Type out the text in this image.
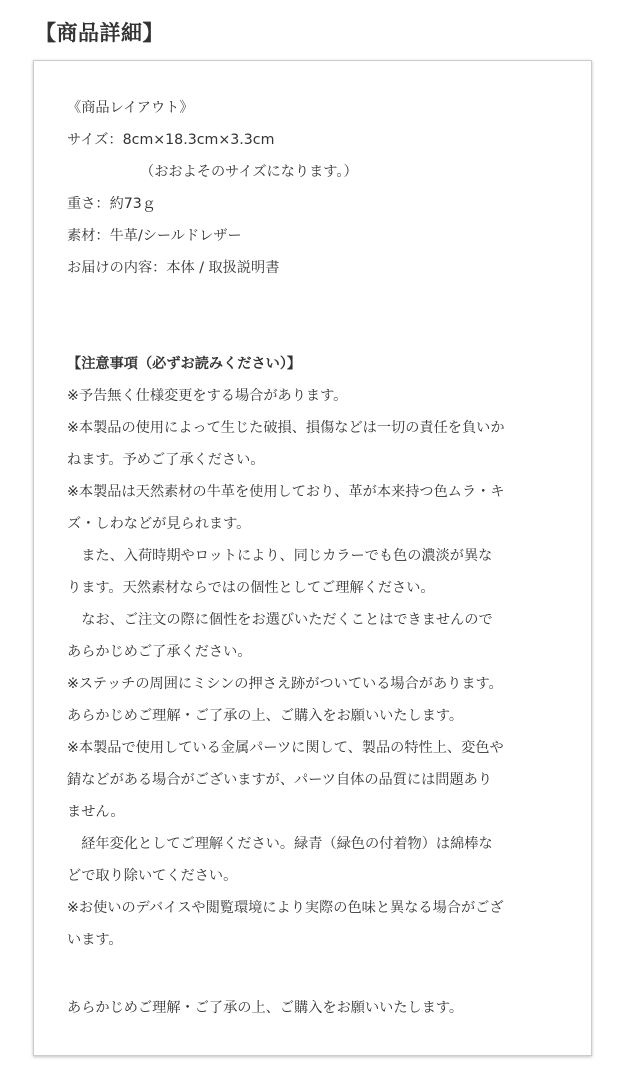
【商品詳細】
《商品レイアウト》
サイズ：8cm×18.3cm×3.3cm
（おおよそのサイズになります。）
重さ：約73ｇ
素材：牛革/シールドレザー
お届けの内容：本体 / 取扱説明書
【注意事項（必ずお読みください）】
※予告無く仕様変更をする場合があります。
※本製品の使用によって生じた破損、損傷などは一切の責任を負いか
ねます。予めご了承ください。
※本製品は天然素材の牛革を使用しており、革が本来持つ色ムラ・キ
ズ・しわなどが見られます。
　また、入荷時期やロットにより、同じカラーでも色の濃淡が異な
ります。天然素材ならではの個性としてご理解ください。
　なお、ご注文の際に個性をお選びいただくことはできませんので
あらかじめご了承ください。
※ステッチの周囲にミシンの押さえ跡がついている場合があります。
あらかじめご理解・ご了承の上、ご購入をお願いいたします。
※本製品で使用している金属パーツに関して、製品の特性上、変色や
錆などがある場合がございますが、パーツ自体の品質には問題あり
ません。
　経年変化としてご理解ください。緑青（緑色の付着物）は綿棒な
どで取り除いてください。
※お使いのデバイスや閲覧環境により実際の色味と異なる場合がござ
います。
あらかじめご理解・ご了承の上、ご購入をお願いいたします。
